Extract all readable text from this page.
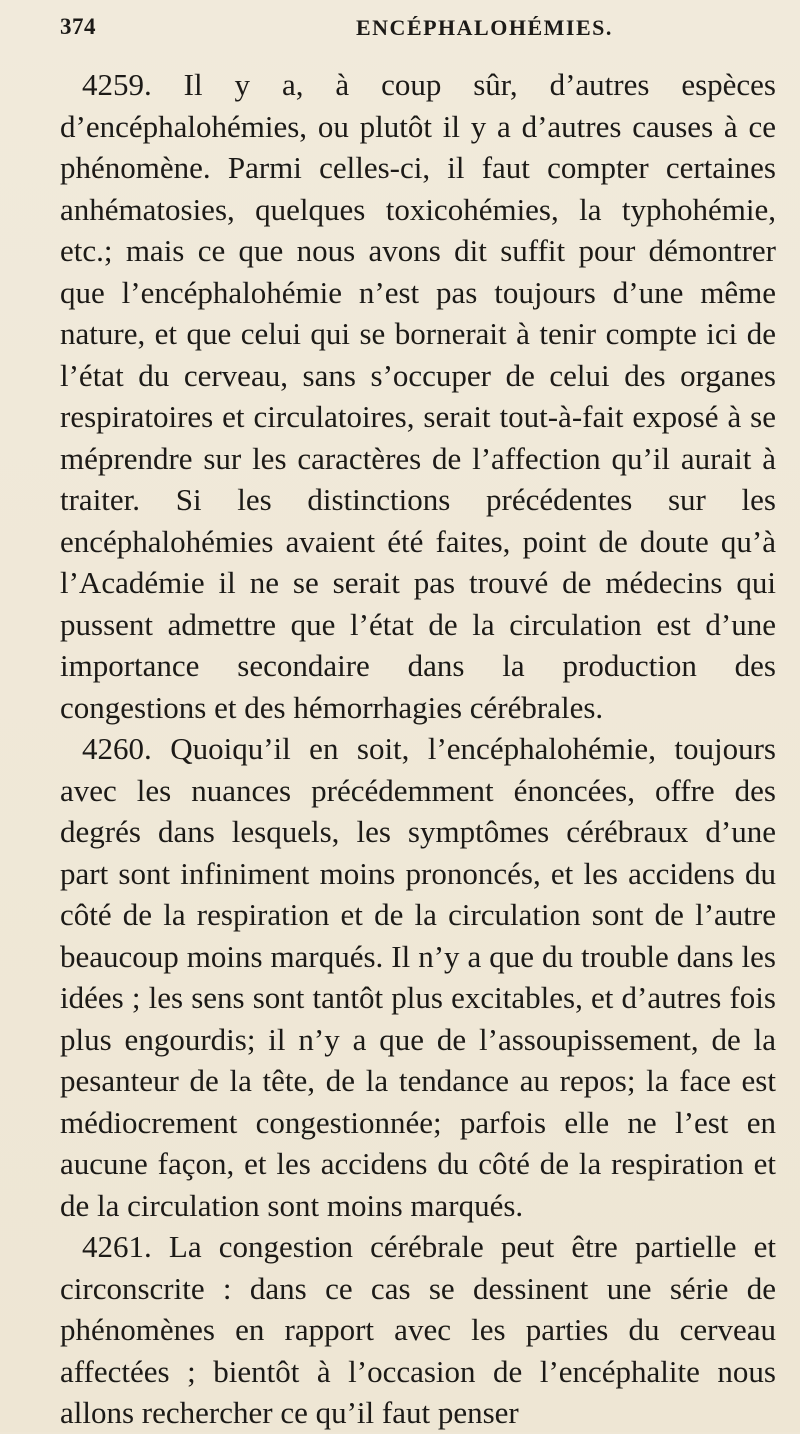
374	ENCÉPHALOHÉMIES.

4259. Il y a, à coup sûr, d’autres espèces d’encéphalohémies, ou plutôt il y a d’autres causes à ce phénomène. Parmi celles-ci, il faut compter certaines anhématosies, quelques toxicohémies, la typhohémie, etc.; mais ce que nous avons dit suffit pour démontrer que l’encéphalohémie n’est pas toujours d’une même nature, et que celui qui se bornerait à tenir compte ici de l’état du cerveau, sans s’occuper de celui des organes respiratoires et circulatoires, serait tout-à-fait exposé à se méprendre sur les caractères de l’affection qu’il aurait à traiter. Si les distinctions précédentes sur les encéphalohémies avaient été faites, point de doute qu’à l’Académie il ne se serait pas trouvé de médecins qui pussent admettre que l’état de la circulation est d’une importance secondaire dans la production des congestions et des hémorrhagies cérébrales.

4260. Quoiqu’il en soit, l’encéphalohémie, toujours avec les nuances précédemment énoncées, offre des degrés dans lesquels, les symptômes cérébraux d’une part sont infiniment moins prononcés, et les accidens du côté de la respiration et de la circulation sont de l’autre beaucoup moins marqués. Il n’y a que du trouble dans les idées ; les sens sont tantôt plus excitables, et d’autres fois plus engourdis; il n’y a que de l’assoupissement, de la pesanteur de la tête, de la tendance au repos; la face est médiocrement congestionnée; parfois elle ne l’est en aucune façon, et les accidens du côté de la respiration et de la circulation sont moins marqués.

4261. La congestion cérébrale peut être partielle et circonscrite : dans ce cas se dessinent une série de phénomènes en rapport avec les parties du cerveau affectées ; bientôt à l’occasion de l’encéphalite nous allons rechercher ce qu’il faut penser
